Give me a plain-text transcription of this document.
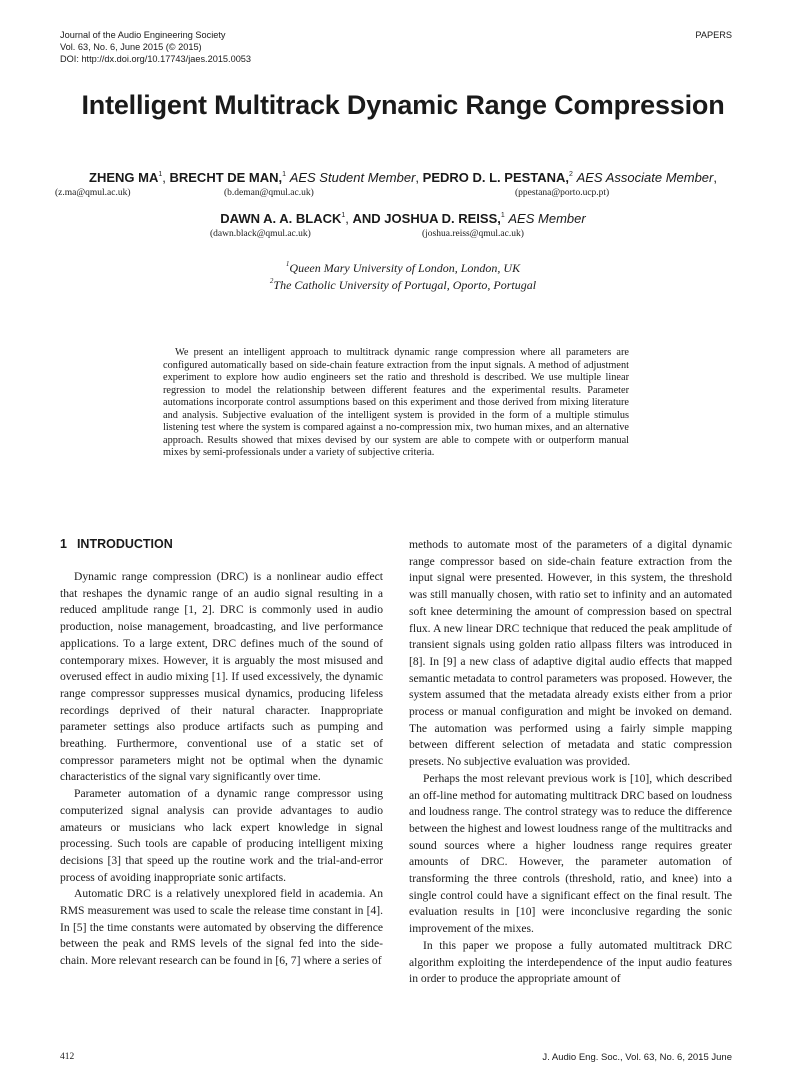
Journal of the Audio Engineering Society
Vol. 63, No. 6, June 2015 (© 2015)
DOI: http://dx.doi.org/10.17743/jaes.2015.0053
PAPERS
Intelligent Multitrack Dynamic Range Compression
ZHENG $MA^1$, BRECHT DE MAN,$^1$ AES Student Member, PEDRO D. L. PESTANA,$^2$ AES Associate Member,
(z.ma@qmul.ac.uk)	(b.deman@qmul.ac.uk)	(ppestana@porto.ucp.pt)
DAWN A. A. BLACK$^1$, AND JOSHUA D. REISS,$^1$ AES Member
(dawn.black@qmul.ac.uk)	(joshua.reiss@qmul.ac.uk)
$^1$Queen Mary University of London, London, UK
$^2$The Catholic University of Portugal, Oporto, Portugal
We present an intelligent approach to multitrack dynamic range compression where all parameters are configured automatically based on side-chain feature extraction from the input signals. A method of adjustment experiment to explore how audio engineers set the ratio and threshold is described. We use multiple linear regression to model the relationship between different features and the experimental results. Parameter automations incorporate control assumptions based on this experiment and those derived from mixing literature and analysis. Subjective evaluation of the intelligent system is provided in the form of a multiple stimulus listening test where the system is compared against a no-compression mix, two human mixes, and an alternative approach. Results showed that mixes devised by our system are able to compete with or outperform manual mixes by semi-professionals under a variety of subjective criteria.
1 INTRODUCTION

Dynamic range compression (DRC) is a nonlinear audio effect that reshapes the dynamic range of an audio signal resulting in a reduced amplitude range [1, 2]. DRC is commonly used in audio production, noise management, broadcasting, and live performance applications. To a large extent, DRC defines much of the sound of contemporary mixes. However, it is arguably the most misused and overused effect in audio mixing [1]. If used excessively, the dynamic range compressor suppresses musical dynamics, producing lifeless recordings deprived of their natural character. Inappropriate parameter settings also produce artifacts such as pumping and breathing. Furthermore, conventional use of a static set of compressor parameters might not be optimal when the dynamic characteristics of the signal vary significantly over time.

Parameter automation of a dynamic range compressor using computerized signal analysis can provide advantages to audio amateurs or musicians who lack expert knowledge in signal processing. Such tools are capable of producing intelligent mixing decisions [3] that speed up the routine work and the trial-and-error process of avoiding inappropriate sonic artifacts.

Automatic DRC is a relatively unexplored field in academia. An RMS measurement was used to scale the release time constant in [4]. In [5] the time constants were automated by observing the difference between the peak and RMS levels of the signal fed into the side-chain. More relevant research can be found in [6, 7] where a series of

methods to automate most of the parameters of a digital dynamic range compressor based on side-chain feature extraction from the input signal were presented. However, in this system, the threshold was still manually chosen, with ratio set to infinity and an automated soft knee determining the amount of compression based on spectral flux. A new linear DRC technique that reduced the peak amplitude of transient signals using golden ratio allpass filters was introduced in [8]. In [9] a new class of adaptive digital audio effects that mapped semantic metadata to control parameters was proposed. However, the system assumed that the metadata already exists either from a prior process or manual configuration and might be invoked on demand. The automation was performed using a fairly simple mapping between different selection of metadata and static compression presets. No subjective evaluation was provided.

Perhaps the most relevant previous work is [10], which described an off-line method for automating multitrack DRC based on loudness and loudness range. The control strategy was to reduce the difference between the highest and lowest loudness range of the multitracks and sound sources where a higher loudness range requires greater amounts of DRC. However, the parameter automation of transforming the three controls (threshold, ratio, and knee) into a single control could have a significant effect on the final result. The evaluation results in [10] were inconclusive regarding the sonic improvement of the mixes.

In this paper we propose a fully automated multitrack DRC algorithm exploiting the interdependence of the input audio features in order to produce the appropriate amount of

412	J. Audio Eng. Soc., Vol. 63, No. 6, 2015 June
